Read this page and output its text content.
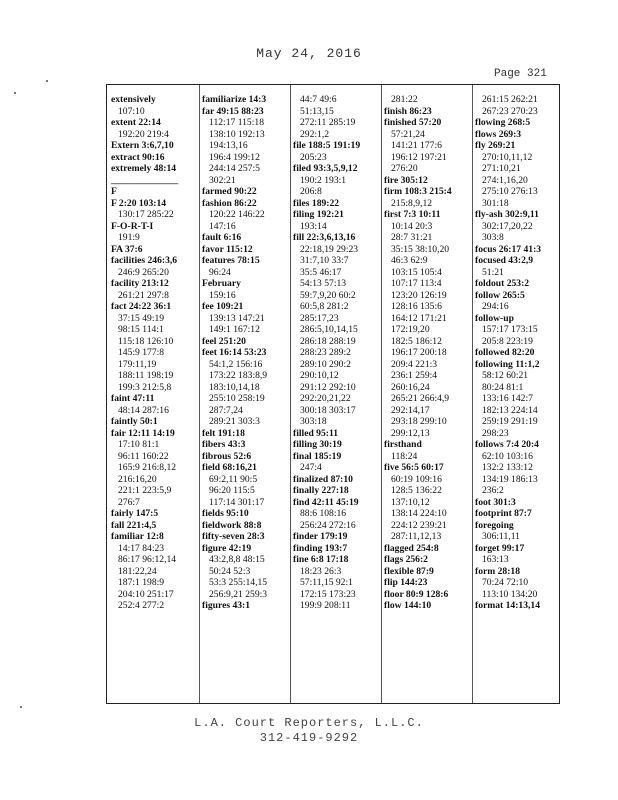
May 24, 2016
Page 321
extensively
107:10
extent 22:14
192:20 219:4
Extern 3:6,7,10
extract 90:16
extremely 48:14
______________
F
F 2:20 103:14
130:17 285:22
F-O-R-T-I
191:9
FA 37:6
facilities 246:3,6
246:9 265:20
facility 213:12
261:21 297:8
fact 24:22 36:1
37:15 49:19
98:15 114:1
115:18 126:10
145:9 177:8
179:11,19
188:11 198:19
199:3 212:5,8
faint 47:11
48:14 287:16
faintly 50:1
fair 12:11 14:19
17:10 81:1
96:11 160:22
165:9 216:8,12
216:16,20
221:1 223:5,9
276:7
fairly 147:5
fall 221:4,5
familiar 12:8
14:17 84:23
86:17 96:12,14
181:22,24
187:1 198:9
204:10 251:17
252:4 277:2
familiarize 14:3
far 49:15 88:23
112:17 115:18
138:10 192:13
194:13,16
196:4 199:12
244:14 257:5
302:21
farmed 90:22
fashion 86:22
120:22 146:22
147:16
fault 6:16
favor 115:12
features 78:15
96:24
February
159:16
fee 109:21
139:13 147:21
149:1 167:12
feel 251:20
feet 16:14 53:23
54:1,2 156:16
173:22 183:8,9
183:10,14,18
255:10 258:19
287:7,24
289:21 303:3
felt 191:18
fibers 43:3
fibrous 52:6
field 68:16,21
69:2,11 90:5
96:20 115:5
117:14 301:17
fields 95:10
fieldwork 88:8
fifty-seven 28:3
figure 42:19
43:2,8,8 48:15
50:24 52:3
53:3 255:14,15
256:9,21 259:3
figures 43:1
44:7 49:6
51:13,15
272:11 285:19
292:1,2
file 188:5 191:19
205:23
filed 93:3,5,9,12
190:2 193:1
206:8
files 189:22
filing 192:21
193:14
fill 22:3,6,13,16
22:18,19 29:23
31:7,10 33:7
35:5 46:17
54:13 57:13
59:7,9,20 60:2
60:5,8 281:2
285:17,23
286:5,10,14,15
286:18 288:19
288:23 289:2
289:10 290:2
290:10,12
291:12 292:10
292:20,21,22
300:18 303:17
303:18
filled 95:11
filling 30:19
final 185:19
247:4
finalized 87:10
finally 227:18
find 42:11 45:19
88:6 108:16
256:24 272:16
finder 179:19
finding 193:7
fine 6:8 17:18
18:23 26:3
57:11,15 92:1
172:15 173:23
199:9 208:11
281:22
finish 86:23
finished 57:20
57:21,24
141:21 177:6
196:12 197:21
276:20
fire 305:12
firm 108:3 215:4
215:8,9,12
first 7:3 10:11
10:14 20:3
28:7 31:21
35:15 38:10,20
46:3 62:9
103:15 105:4
107:17 113:4
123:20 126:19
128:16 135:6
164:12 171:21
172:19,20
182:5 186:12
196:17 200:18
209:4 221:3
236:1 259:4
260:16,24
265:21 266:4,9
292:14,17
293:18 299:10
299:12,13
firsthand
118:24
five 56:5 60:17
60:19 109:16
128:5 136:22
137:10,12
138:14 224:10
224:12 239:21
287:11,12,13
flagged 254:8
flags 256:2
flexible 87:9
flip 144:23
floor 80:9 128:6
flow 144:10
261:15 262:21
267:23 270:23
flowing 268:5
flows 269:3
fly 269:21
270:10,11,12
271:10,21
274:1,16,20
275:10 276:13
301:18
fly-ash 302:9,11
302:17,20,22
303:8
focus 26:17 41:3
focused 43:2,9
51:21
foldout 253:2
follow 265:5
294:16
follow-up
157:17 173:15
205:8 223:19
followed 82:20
following 11:1,2
58:12 60:21
80:24 81:1
133:16 142:7
182:13 224:14
259:19 291:19
298:23
follows 7:4 20:4
62:10 103:16
132:2 133:12
134:19 186:13
236:2
foot 301:3
footprint 87:7
foregoing
306:11,11
forget 99:17
163:13
form 28:18
70:24 72:10
113:10 134:20
format 14:13,14
L.A. Court Reporters, L.L.C.
312-419-9292
